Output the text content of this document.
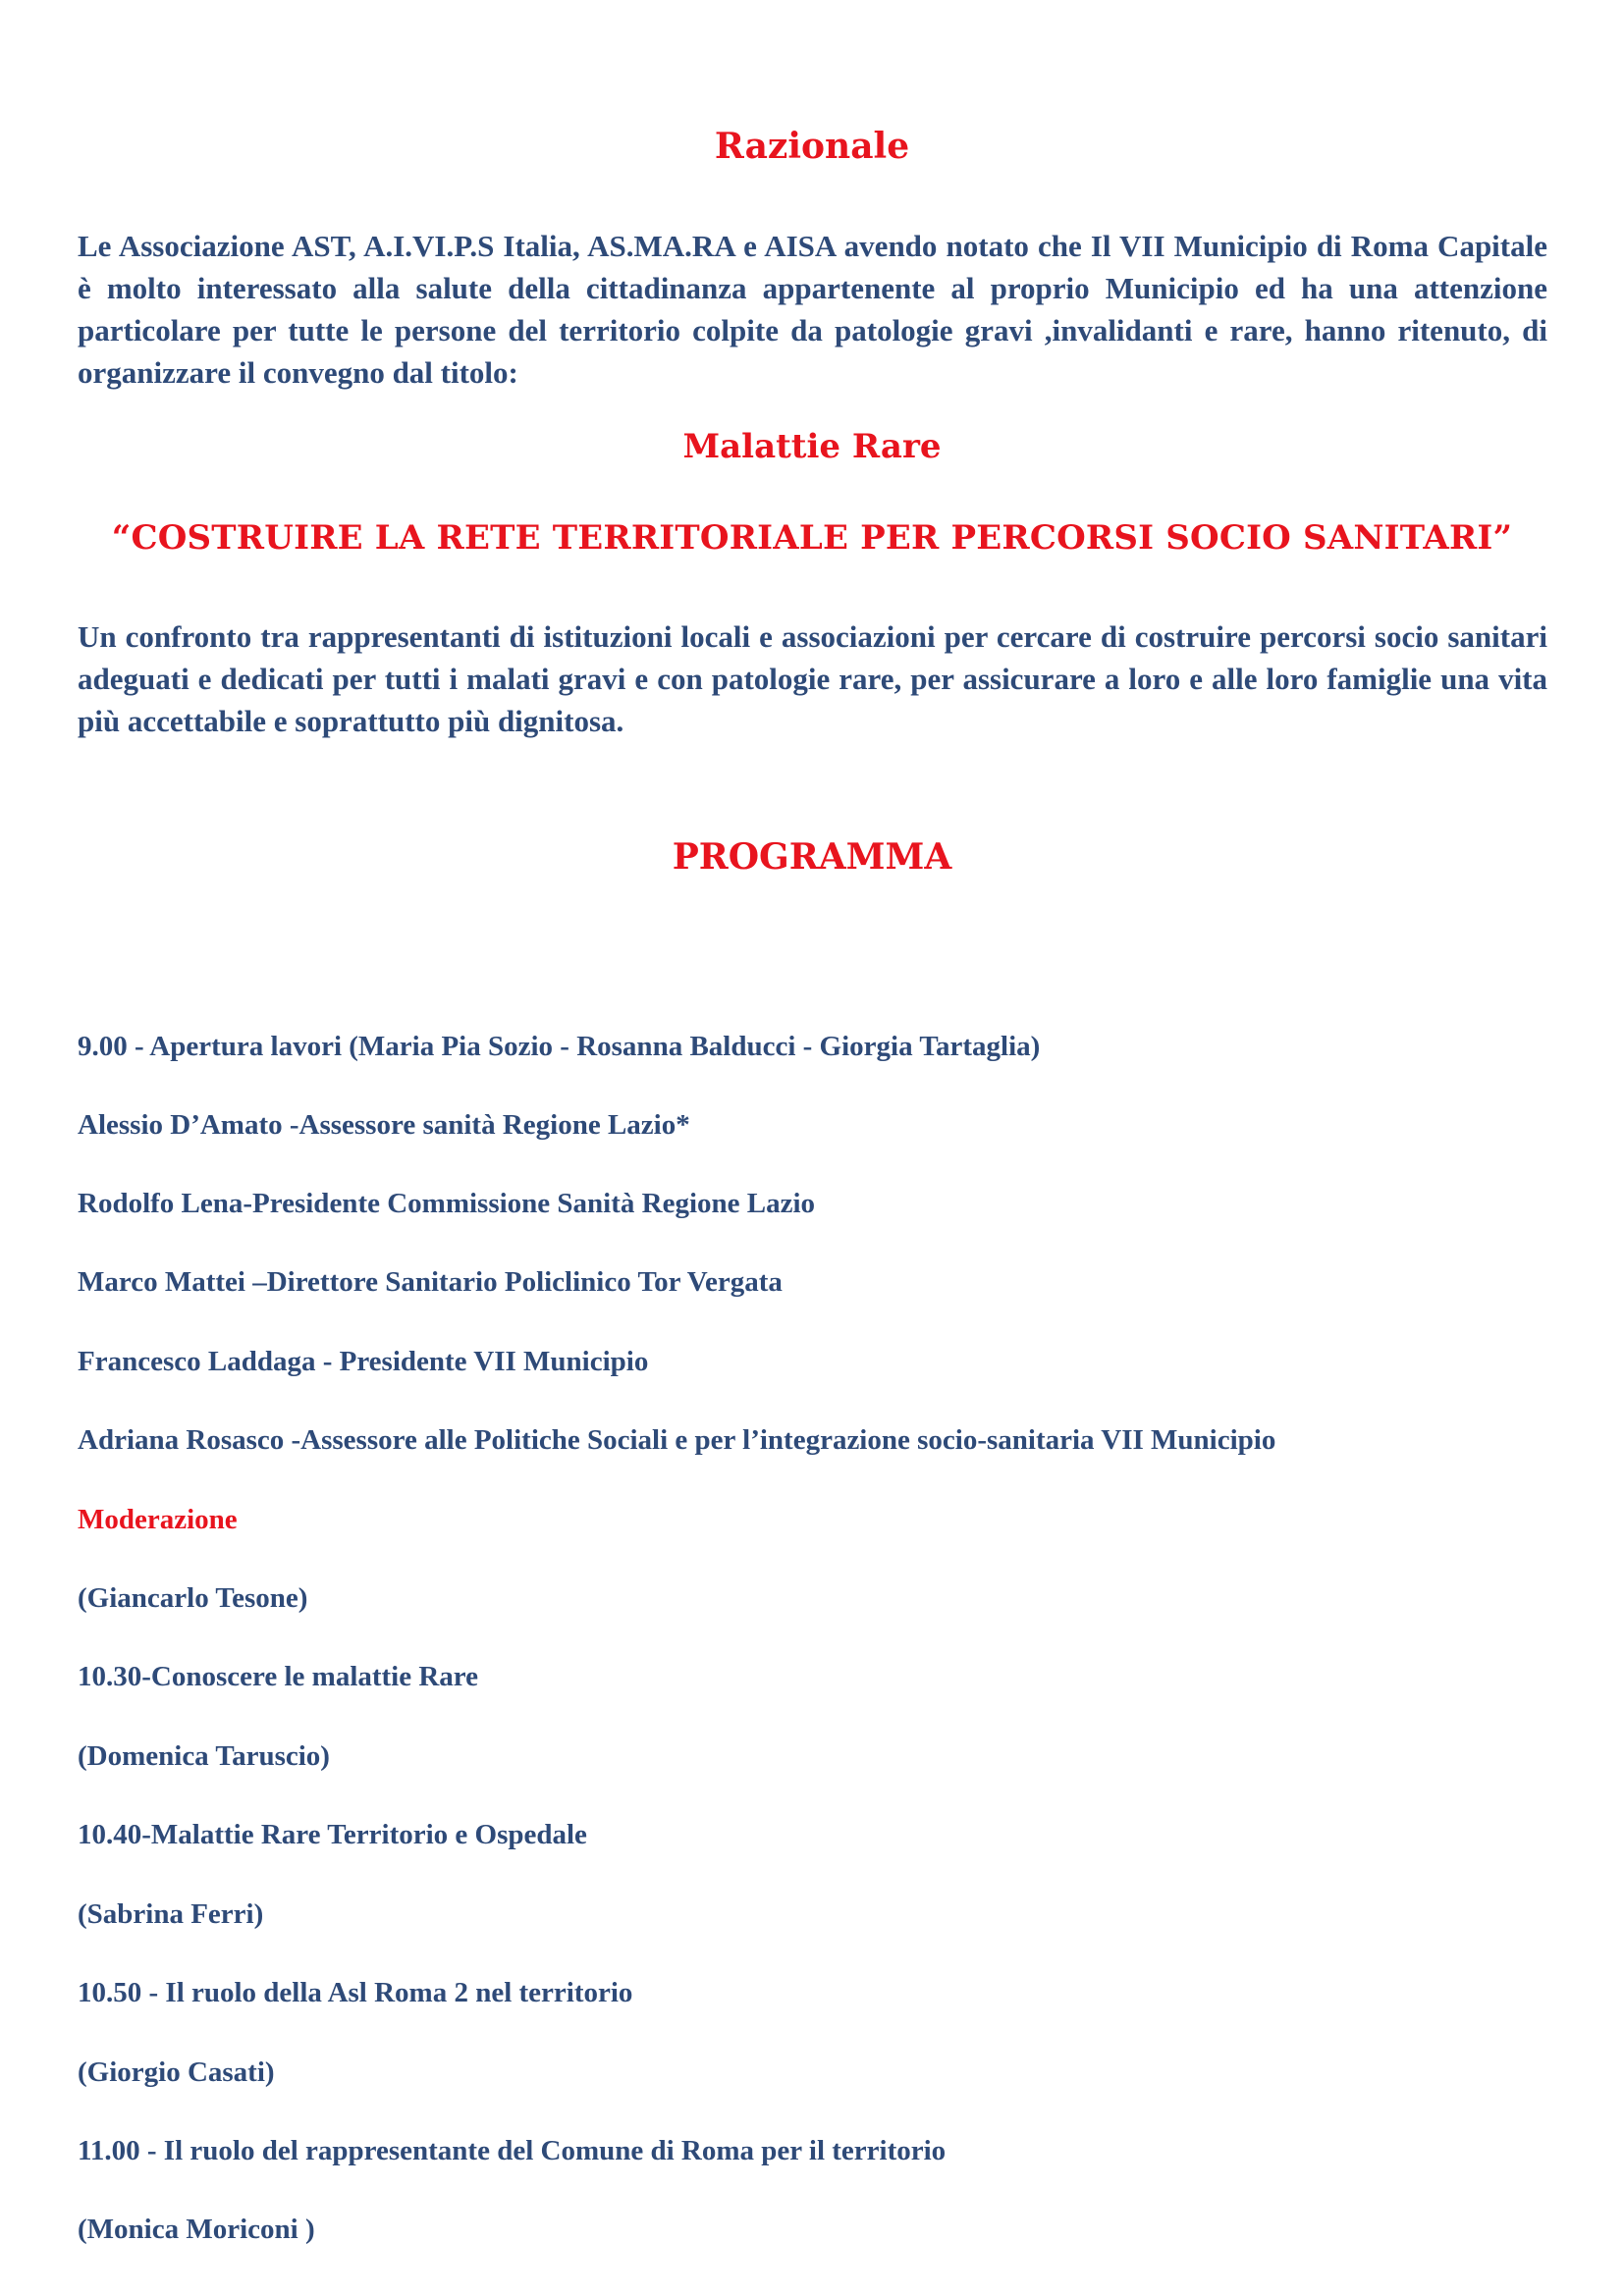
Razionale
Le Associazione AST, A.I.VI.P.S Italia, AS.MA.RA e AISA avendo notato che Il VII Municipio di Roma Capitale è molto interessato alla salute della cittadinanza appartenente al proprio Municipio ed ha una attenzione particolare per tutte le persone del territorio colpite da patologie gravi ,invalidanti e rare, hanno ritenuto, di organizzare il convegno dal titolo:
Malattie Rare
“COSTRUIRE LA RETE TERRITORIALE PER PERCORSI SOCIO SANITARI”
Un confronto tra rappresentanti di istituzioni locali e associazioni per cercare di costruire percorsi socio sanitari adeguati e dedicati per tutti i malati gravi e con patologie rare, per assicurare a loro e alle loro famiglie una vita più accettabile e soprattutto più dignitosa.
PROGRAMMA
9.00 - Apertura lavori (Maria Pia Sozio - Rosanna Balducci - Giorgia Tartaglia)
Alessio D’Amato -Assessore sanità Regione Lazio*
Rodolfo Lena-Presidente Commissione Sanità Regione Lazio
Marco Mattei –Direttore Sanitario Policlinico Tor Vergata
Francesco Laddaga - Presidente VII Municipio
Adriana Rosasco -Assessore alle Politiche Sociali e per l’integrazione socio-sanitaria VII Municipio
Moderazione
(Giancarlo Tesone)
10.30-Conoscere le malattie Rare
(Domenica Taruscio)
10.40-Malattie Rare Territorio e Ospedale
(Sabrina Ferri)
10.50 - Il ruolo della Asl Roma 2 nel territorio
(Giorgio Casati)
11.00 - Il ruolo del rappresentante del Comune di Roma per il territorio
(Monica Moriconi )
